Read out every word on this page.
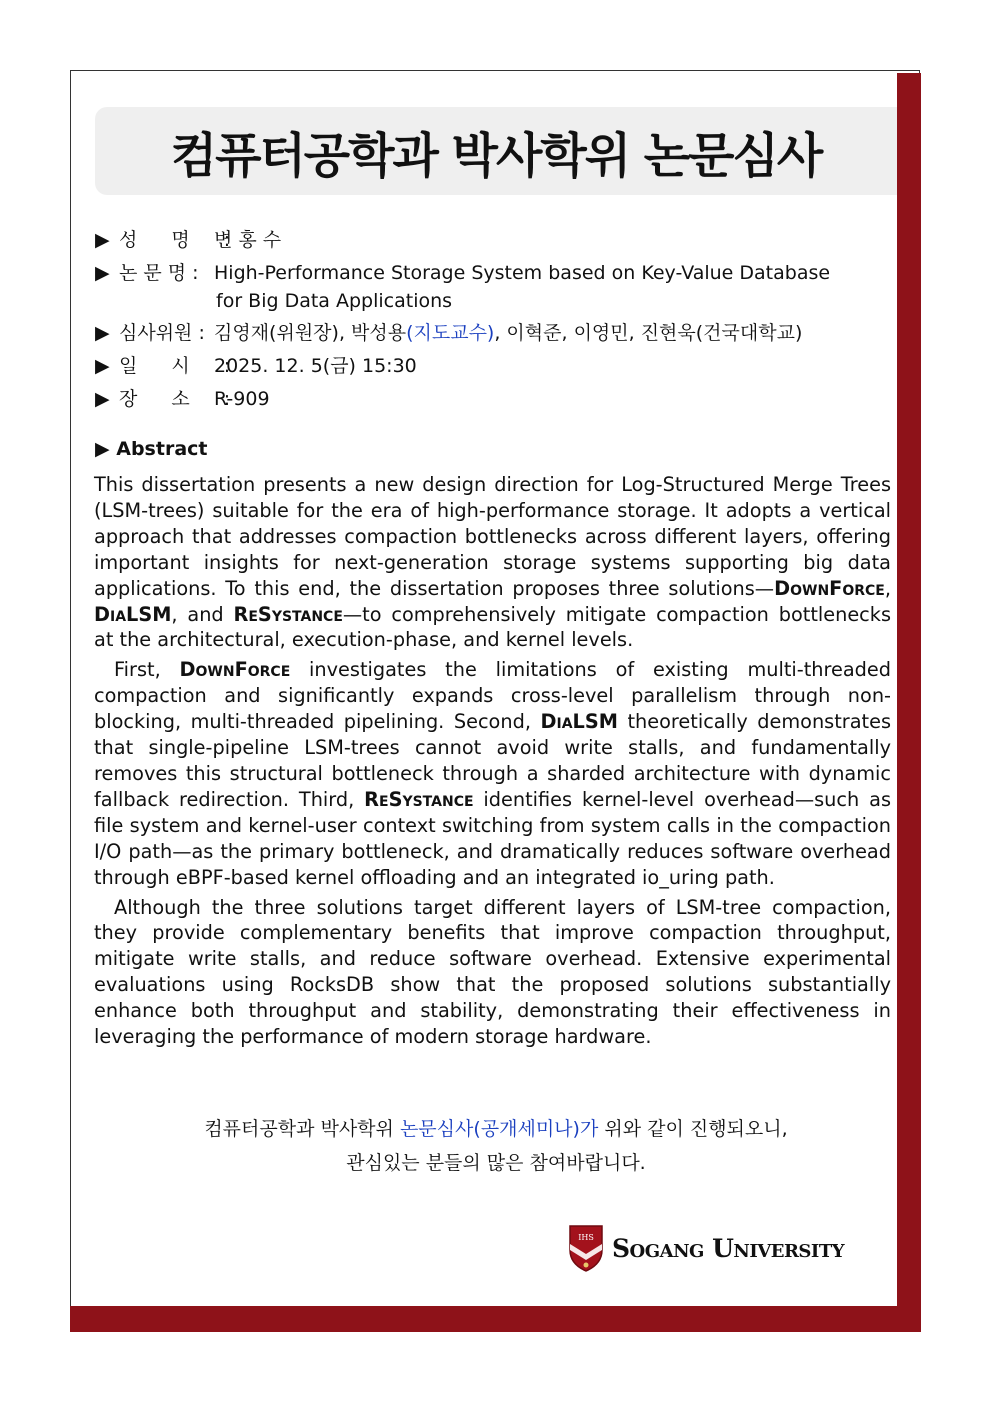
컴퓨터공학과 박사학위 논문심사
▶ 성 명 :
변 홍 수
▶ 논 문 명 : High-Performance Storage System based on Key-Value Database
for Big Data Applications
▶ 심사위원 : 김영재(위원장), 박성용(지도교수), 이혁준, 이영민, 진현욱(건국대학교)
▶ 일 시 :
2025. 12. 5(금) 15:30
▶ 장 소 :
R-909
▶ Abstract

This dissertation presents a new design direction for Log-Structured Merge Trees (LSM-trees) suitable for the era of high-performance storage. It adopts a vertical approach that addresses compaction bottlenecks across different layers, offering important insights for next-generation storage systems supporting big data applications. To this end, the dissertation proposes three solutions—DownForce, DiaLSM, and ReSystance—to comprehensively mitigate compaction bottlenecks at the architectural, execution-phase, and kernel levels.

First, DownForce investigates the limitations of existing multi-threaded compaction and significantly expands cross-level parallelism through non-blocking, multi-threaded pipelining. Second, DiaLSM theoretically demonstrates that single-pipeline LSM-trees cannot avoid write stalls, and fundamentally removes this structural bottleneck through a sharded architecture with dynamic fallback redirection. Third, ReSystance identifies kernel-level overhead—such as file system and kernel-user context switching from system calls in the compaction I/O path—as the primary bottleneck, and dramatically reduces software overhead through eBPF-based kernel offloading and an integrated io_uring path.

Although the three solutions target different layers of LSM-tree compaction, they provide complementary benefits that improve compaction throughput, mitigate write stalls, and reduce software overhead. Extensive experimental evaluations using RocksDB show that the proposed solutions substantially enhance both throughput and stability, demonstrating their effectiveness in leveraging the performance of modern storage hardware.

컴퓨터공학과 박사학위 논문심사(공개세미나)가 위와 같이 진행되오니,
관심있는 분들의 많은 참여바랍니다.
IHS Sogang University
